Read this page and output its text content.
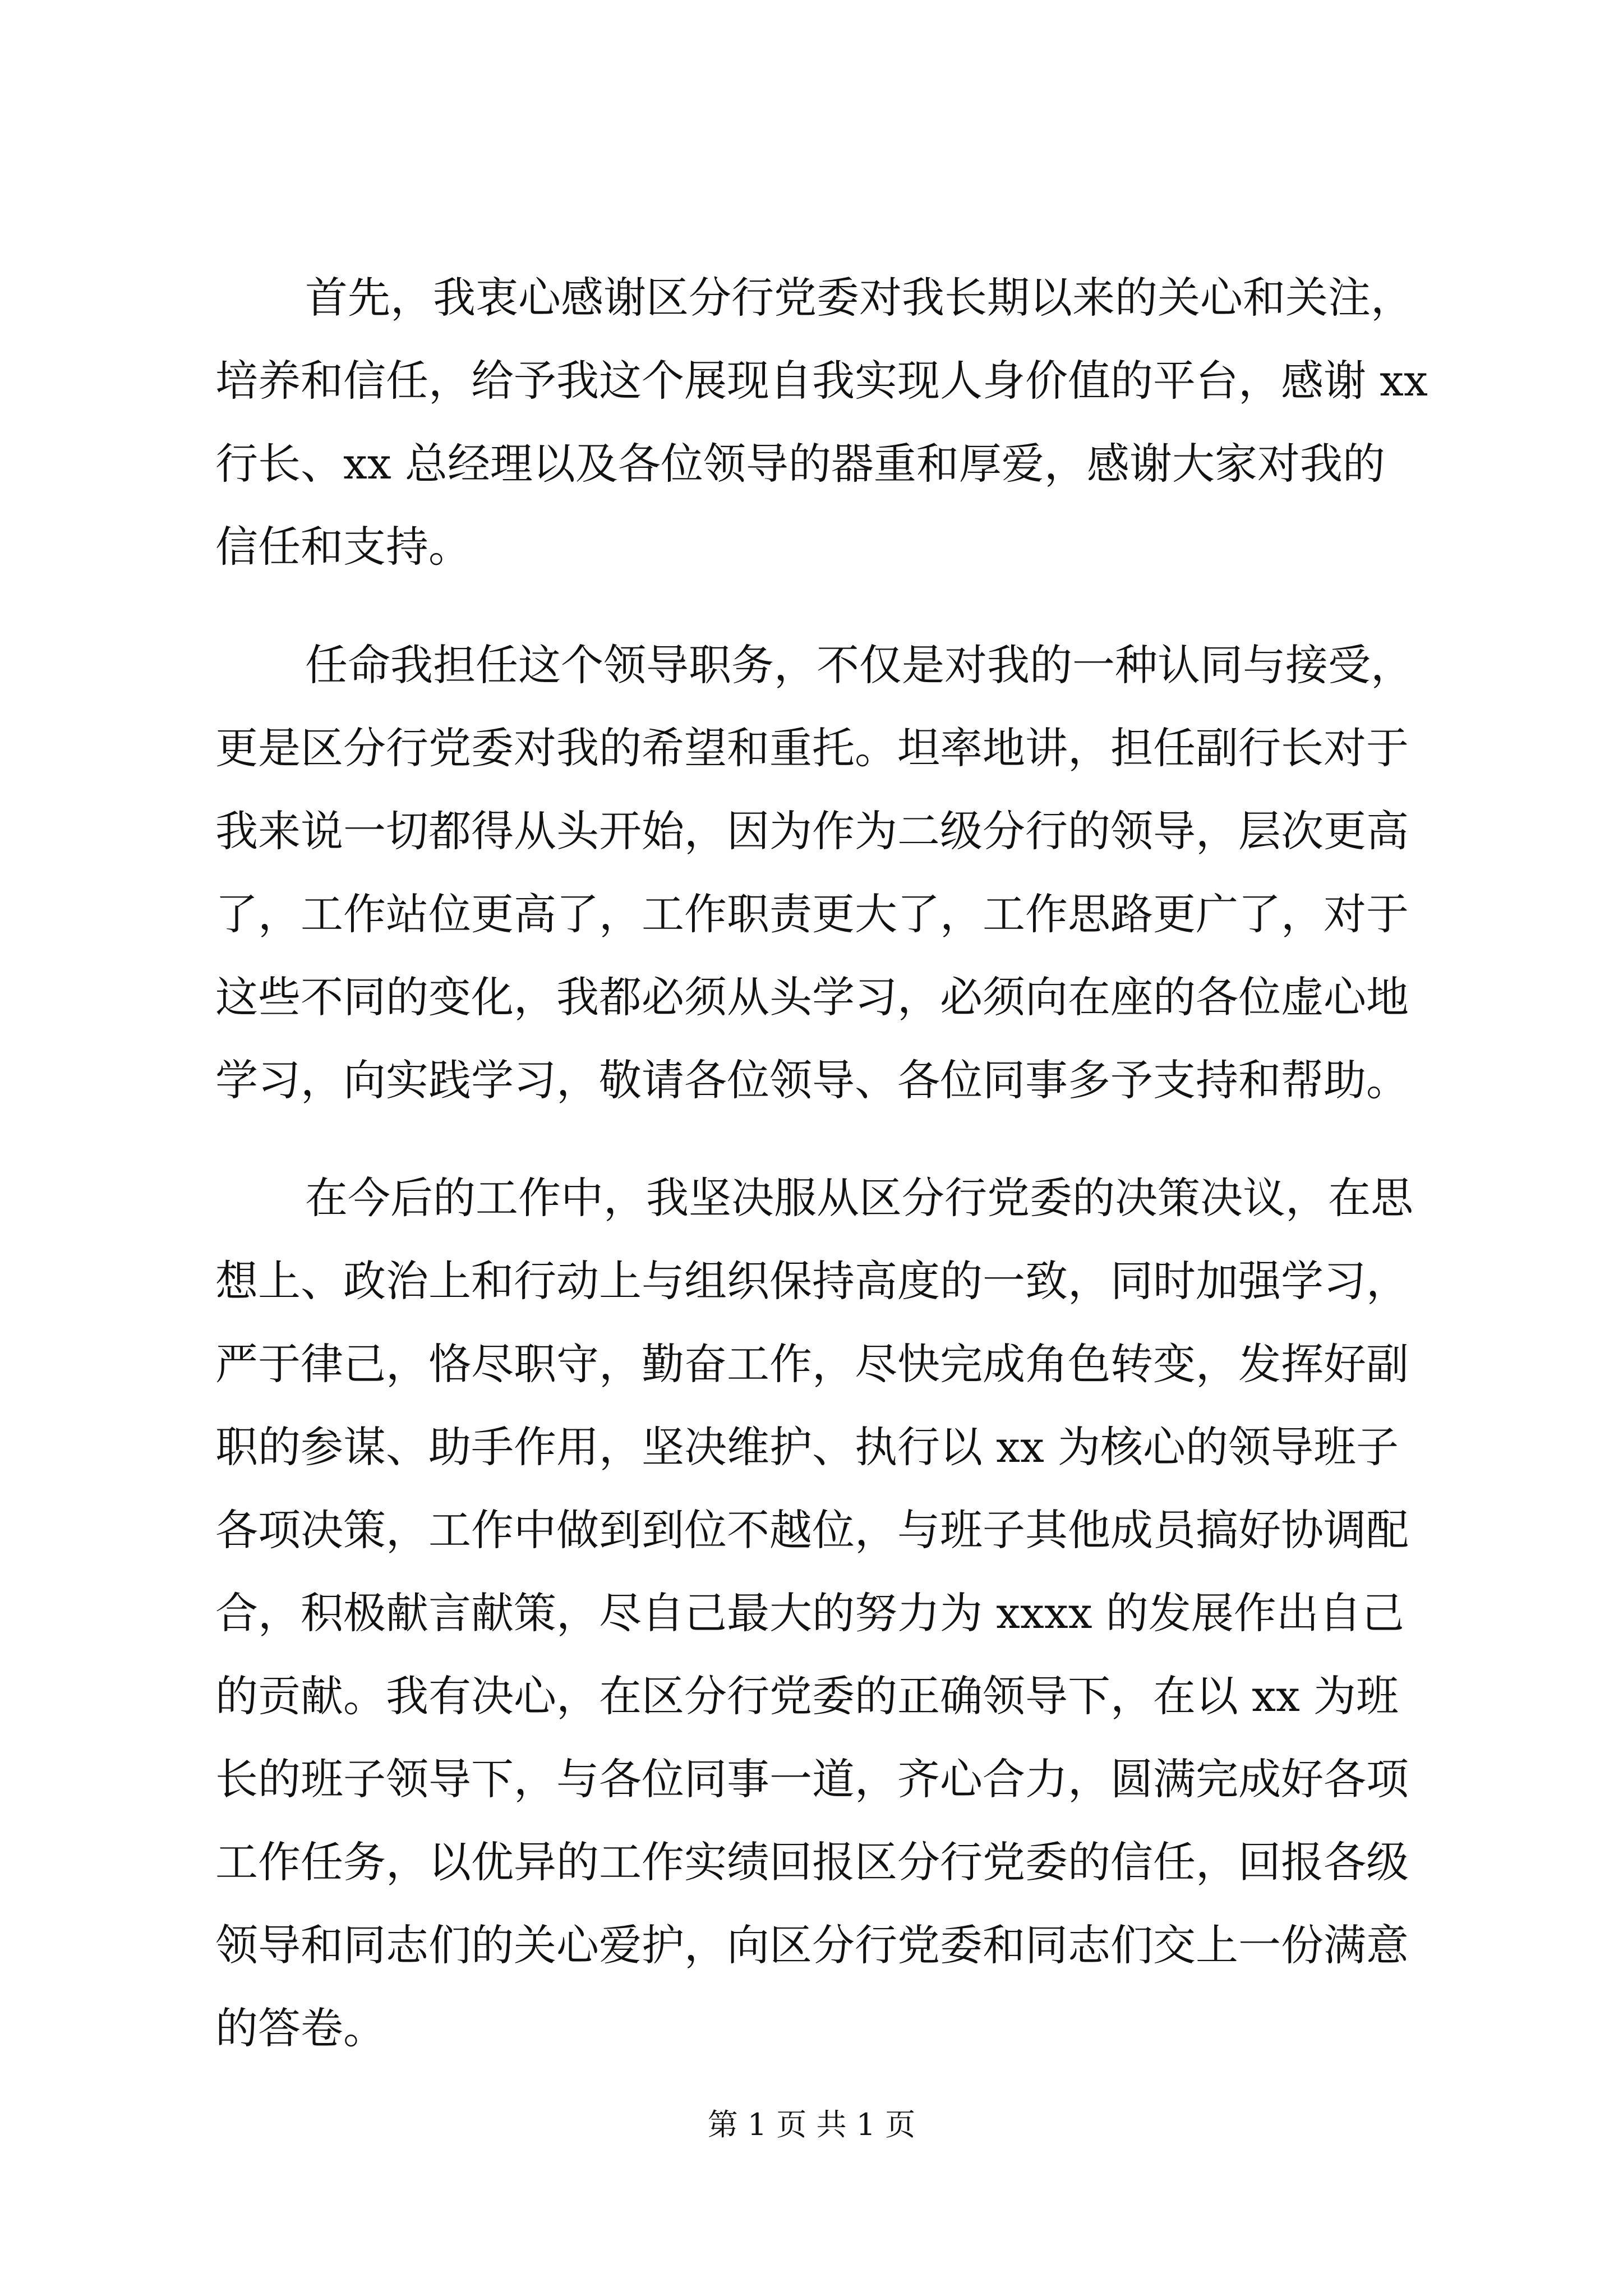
首先，我衷心感谢区分行党委对我长期以来的关心和关注，
培养和信任，给予我这个展现自我实现人身价值的平台，感谢 xx
行长、xx 总经理以及各位领导的器重和厚爱，感谢大家对我的
信任和支持。
任命我担任这个领导职务，不仅是对我的一种认同与接受，
更是区分行党委对我的希望和重托。坦率地讲，担任副行长对于
我来说一切都得从头开始，因为作为二级分行的领导，层次更高
了，工作站位更高了，工作职责更大了，工作思路更广了，对于
这些不同的变化，我都必须从头学习，必须向在座的各位虚心地
学习，向实践学习，敬请各位领导、各位同事多予支持和帮助。
在今后的工作中，我坚决服从区分行党委的决策决议，在思
想上、政治上和行动上与组织保持高度的一致，同时加强学习，
严于律己，恪尽职守，勤奋工作，尽快完成角色转变，发挥好副
职的参谋、助手作用，坚决维护、执行以 xx 为核心的领导班子
各项决策，工作中做到到位不越位，与班子其他成员搞好协调配
合，积极献言献策，尽自己最大的努力为 xxxx 的发展作出自己
的贡献。我有决心，在区分行党委的正确领导下，在以 xx 为班
长的班子领导下，与各位同事一道，齐心合力，圆满完成好各项
工作任务，以优异的工作实绩回报区分行党委的信任，回报各级
领导和同志们的关心爱护，向区分行党委和同志们交上一份满意
的答卷。
第 1 页 共 1 页
